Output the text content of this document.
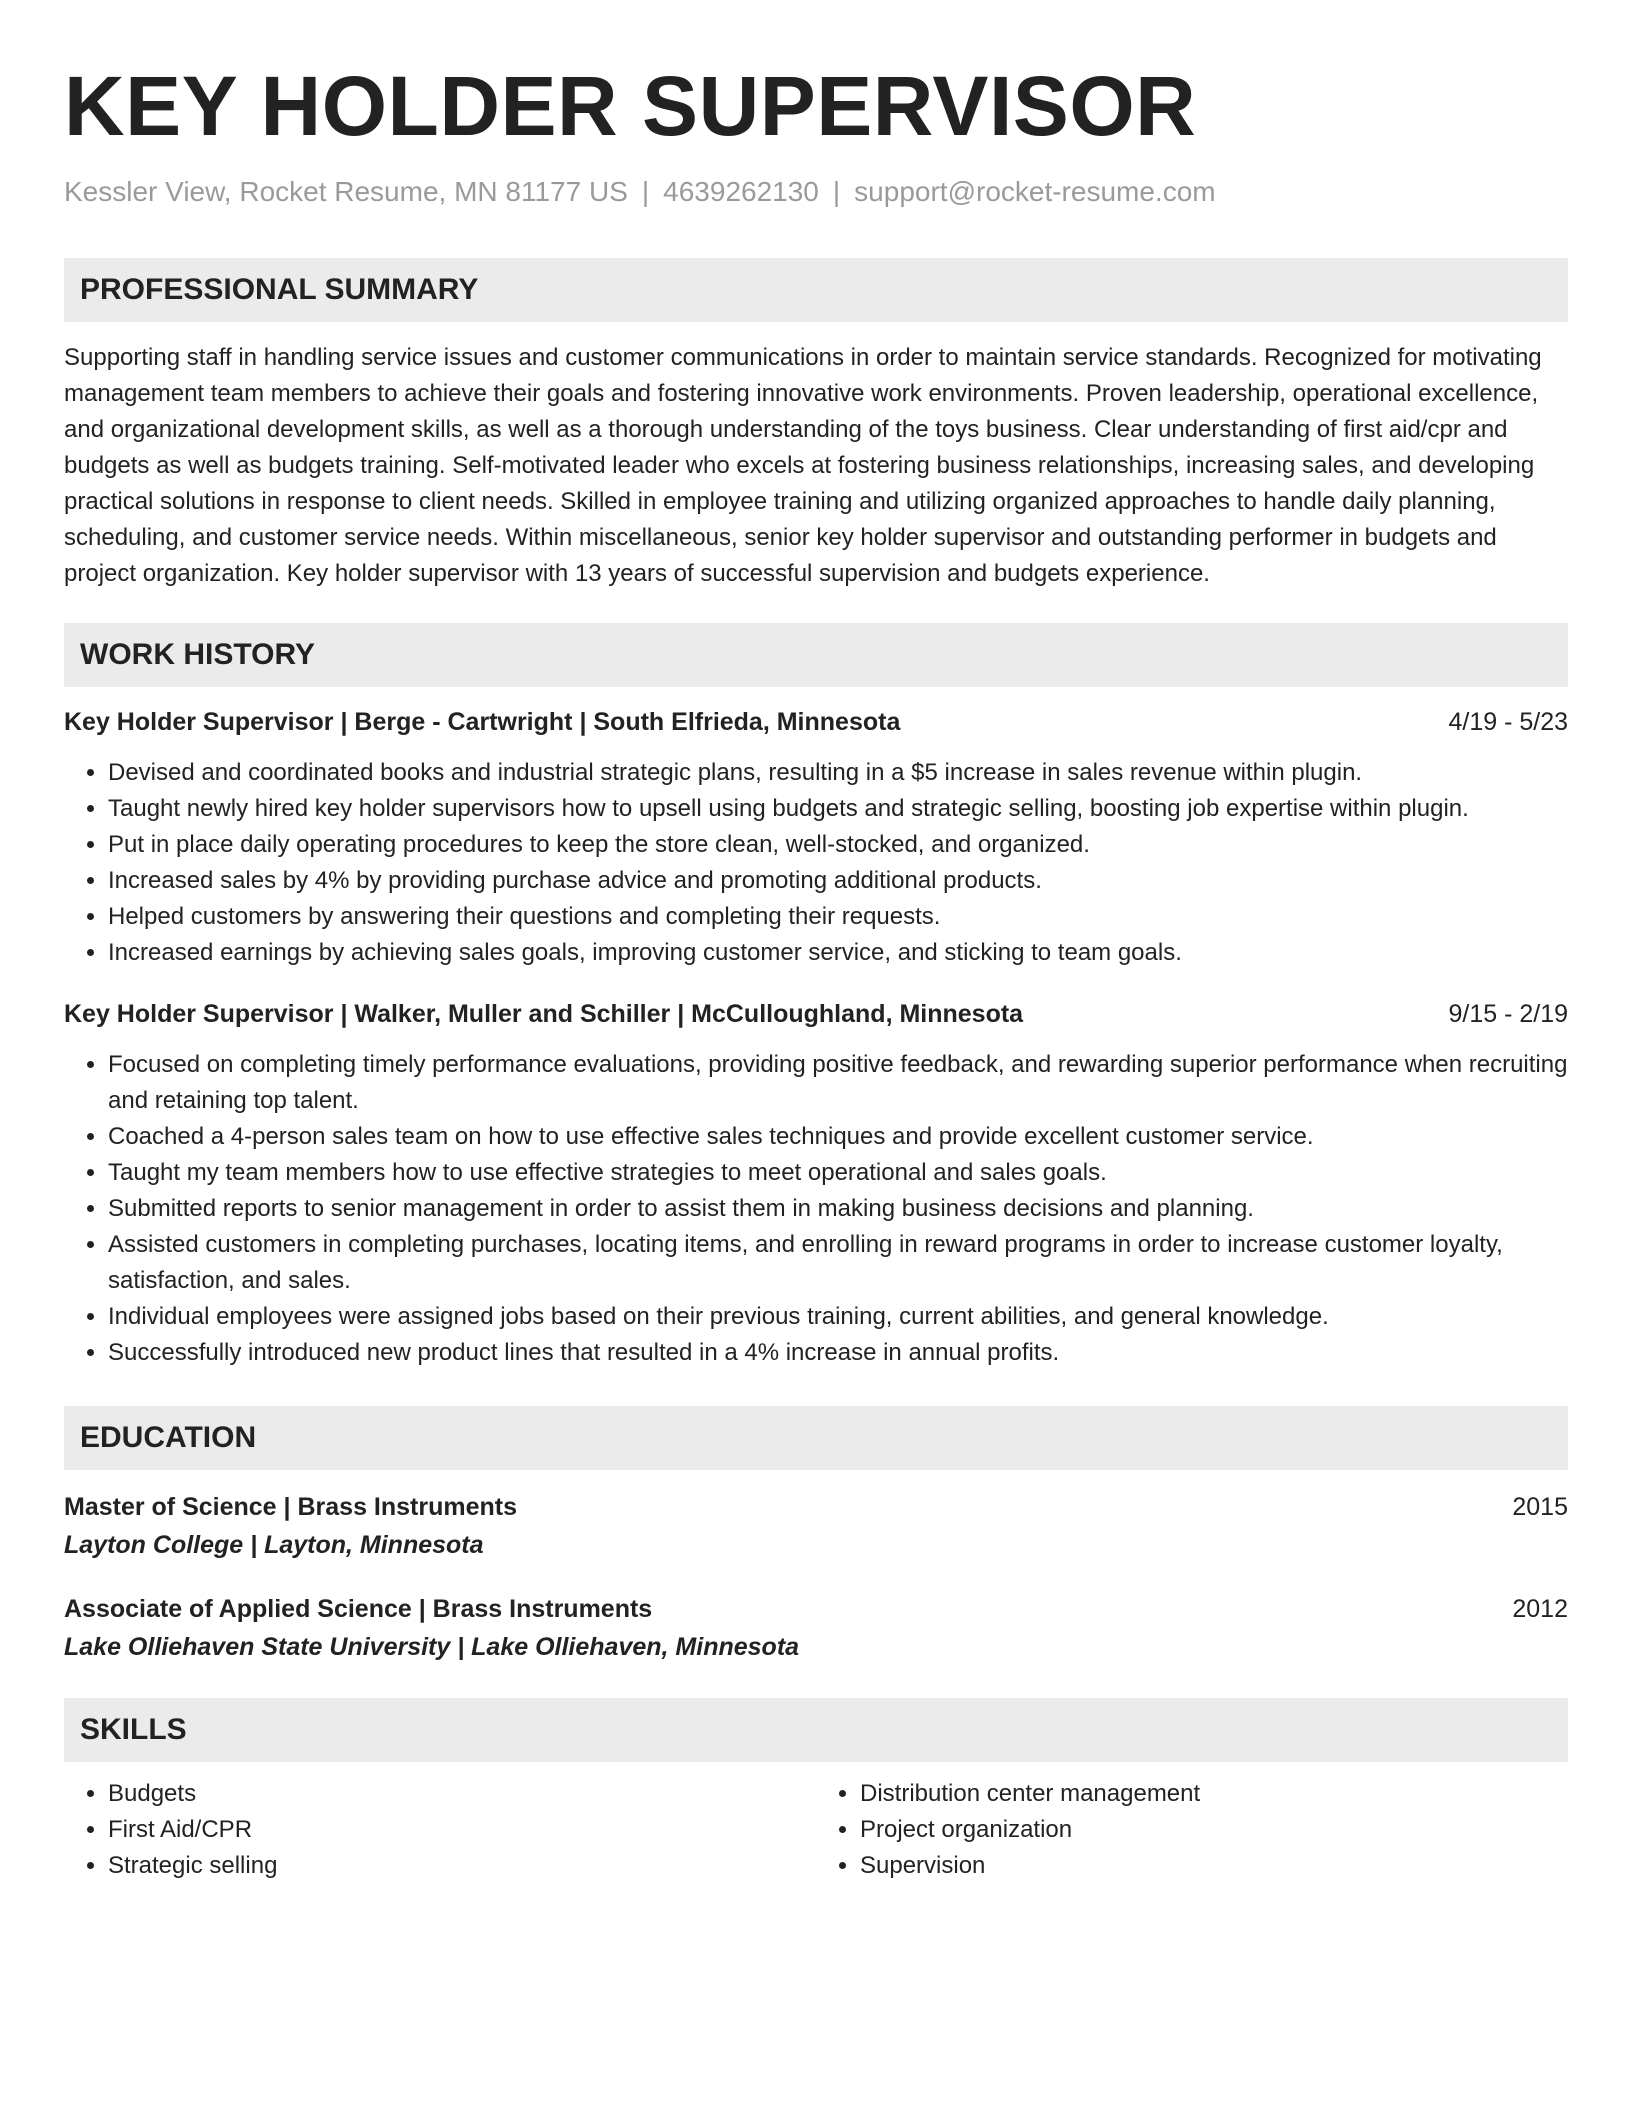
KEY HOLDER SUPERVISOR
Kessler View, Rocket Resume, MN 81177 US | 4639262130 | support@rocket-resume.com
PROFESSIONAL SUMMARY
Supporting staff in handling service issues and customer communications in order to maintain service standards. Recognized for motivating management team members to achieve their goals and fostering innovative work environments. Proven leadership, operational excellence, and organizational development skills, as well as a thorough understanding of the toys business. Clear understanding of first aid/cpr and budgets as well as budgets training. Self-motivated leader who excels at fostering business relationships, increasing sales, and developing practical solutions in response to client needs. Skilled in employee training and utilizing organized approaches to handle daily planning, scheduling, and customer service needs. Within miscellaneous, senior key holder supervisor and outstanding performer in budgets and project organization. Key holder supervisor with 13 years of successful supervision and budgets experience.
WORK HISTORY
Key Holder Supervisor | Berge - Cartwright | South Elfrieda, Minnesota	4/19 - 5/23
• Devised and coordinated books and industrial strategic plans, resulting in a $5 increase in sales revenue within plugin.
• Taught newly hired key holder supervisors how to upsell using budgets and strategic selling, boosting job expertise within plugin.
• Put in place daily operating procedures to keep the store clean, well-stocked, and organized.
• Increased sales by 4% by providing purchase advice and promoting additional products.
• Helped customers by answering their questions and completing their requests.
• Increased earnings by achieving sales goals, improving customer service, and sticking to team goals.
Key Holder Supervisor | Walker, Muller and Schiller | McCulloughland, Minnesota	9/15 - 2/19
• Focused on completing timely performance evaluations, providing positive feedback, and rewarding superior performance when recruiting and retaining top talent.
• Coached a 4-person sales team on how to use effective sales techniques and provide excellent customer service.
• Taught my team members how to use effective strategies to meet operational and sales goals.
• Submitted reports to senior management in order to assist them in making business decisions and planning.
• Assisted customers in completing purchases, locating items, and enrolling in reward programs in order to increase customer loyalty, satisfaction, and sales.
• Individual employees were assigned jobs based on their previous training, current abilities, and general knowledge.
• Successfully introduced new product lines that resulted in a 4% increase in annual profits.
EDUCATION
Master of Science | Brass Instruments	2015
Layton College | Layton, Minnesota
Associate of Applied Science | Brass Instruments	2012
Lake Olliehaven State University | Lake Olliehaven, Minnesota
SKILLS
• Budgets
• First Aid/CPR
• Strategic selling
• Distribution center management
• Project organization
• Supervision
